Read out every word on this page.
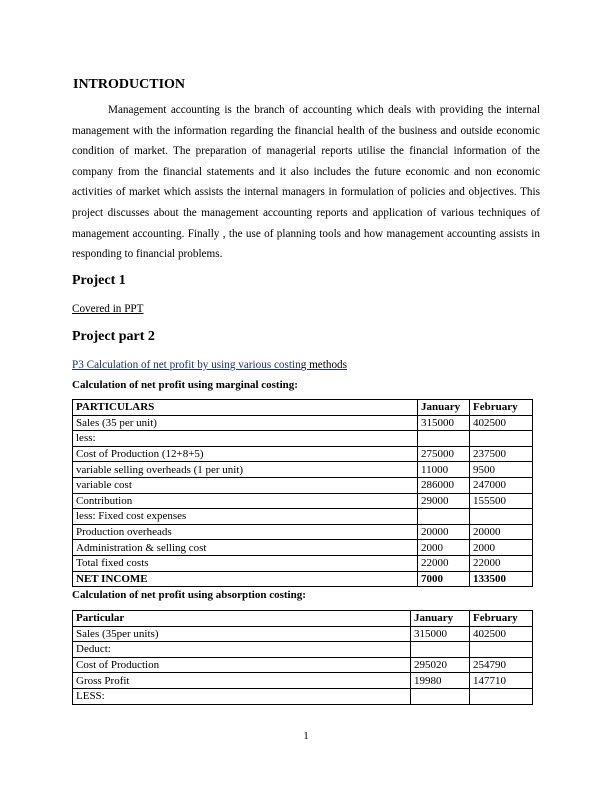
INTRODUCTION

Management accounting is the branch of accounting which deals with providing the internal management with the information regarding the financial health of the business and outside economic condition of market. The preparation of managerial reports utilise the financial information of the company from the financial statements and it also includes the future economic and non economic activities of market which assists the internal managers in formulation of policies and objectives. This project discusses about the management accounting reports and application of various techniques of management accounting. Finally , the use of planning tools and how management accounting assists in responding to financial problems.

Project 1
Covered in PPT
Project part 2
P3 Calculation of net profit by using various costing methods
Calculation of net profit using marginal costing:
PARTICULARS	January	February
Sales (35 per unit)	315000	402500
less:		
Cost of Production (12+8+5)	275000	237500
variable selling overheads (1 per unit)	11000	9500
variable cost	286000	247000
Contribution	29000	155500
less: Fixed cost expenses		
Production overheads	20000	20000
Administration & selling cost	2000	2000
Total fixed costs	22000	22000
NET INCOME	7000	133500
Calculation of net profit using absorption costing:
Particular	January	February
Sales (35per units)	315000	402500
Deduct:		
Cost of Production	295020	254790
Gross Profit	19980	147710
LESS:		
1
